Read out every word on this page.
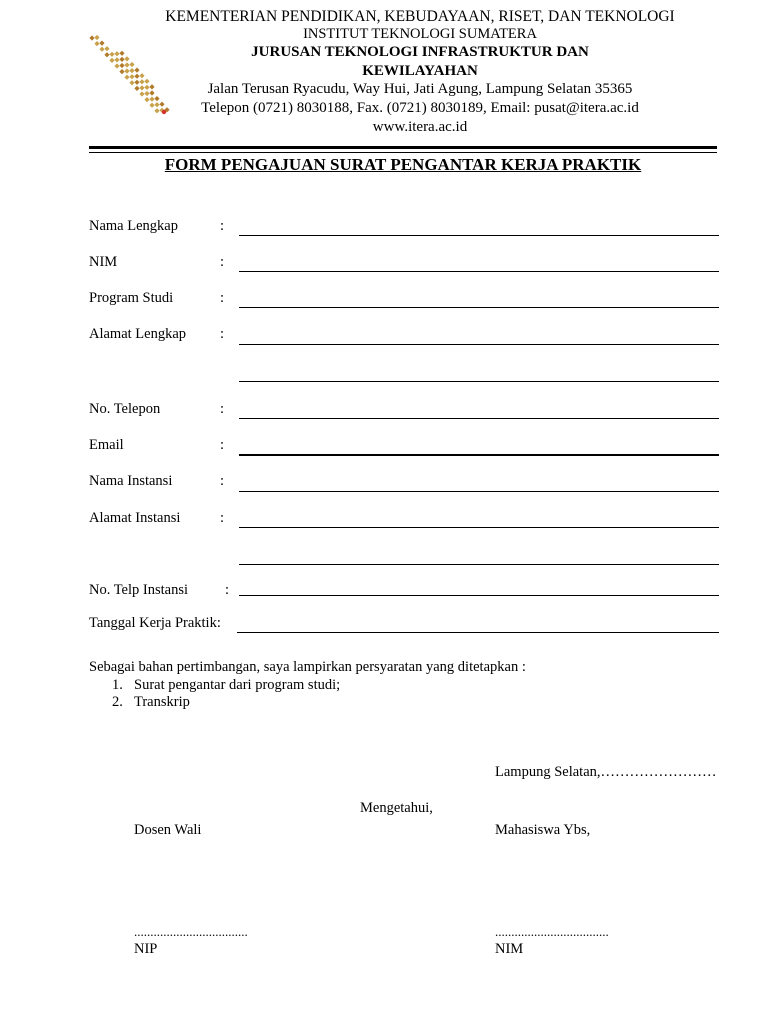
KEMENTERIAN PENDIDIKAN, KEBUDAYAAN, RISET, DAN TEKNOLOGI
INSTITUT TEKNOLOGI SUMATERA
JURUSAN TEKNOLOGI INFRASTRUKTUR DAN
KEWILAYAHAN
Jalan Terusan Ryacudu, Way Hui, Jati Agung, Lampung Selatan 35365
Telepon (0721) 8030188, Fax. (0721) 8030189, Email: pusat@itera.ac.id
www.itera.ac.id
FORM PENGAJUAN SURAT PENGANTAR KERJA PRAKTIK
Nama Lengkap	:
NIM	:
Program Studi	:
Alamat Lengkap :
No. Telepon	:
Email	:
Nama Instansi	:
Alamat Instansi	:
No. Telp Instansi	:
Tanggal Kerja Praktik:
Sebagai bahan pertimbangan, saya lampirkan persyaratan yang ditetapkan :
1. Surat pengantar dari program studi;
2. Transkrip
Lampung Selatan,……………………
Mengetahui,
Dosen Wali	Mahasiswa Ybs,
...................................	...................................
NIP	NIM
